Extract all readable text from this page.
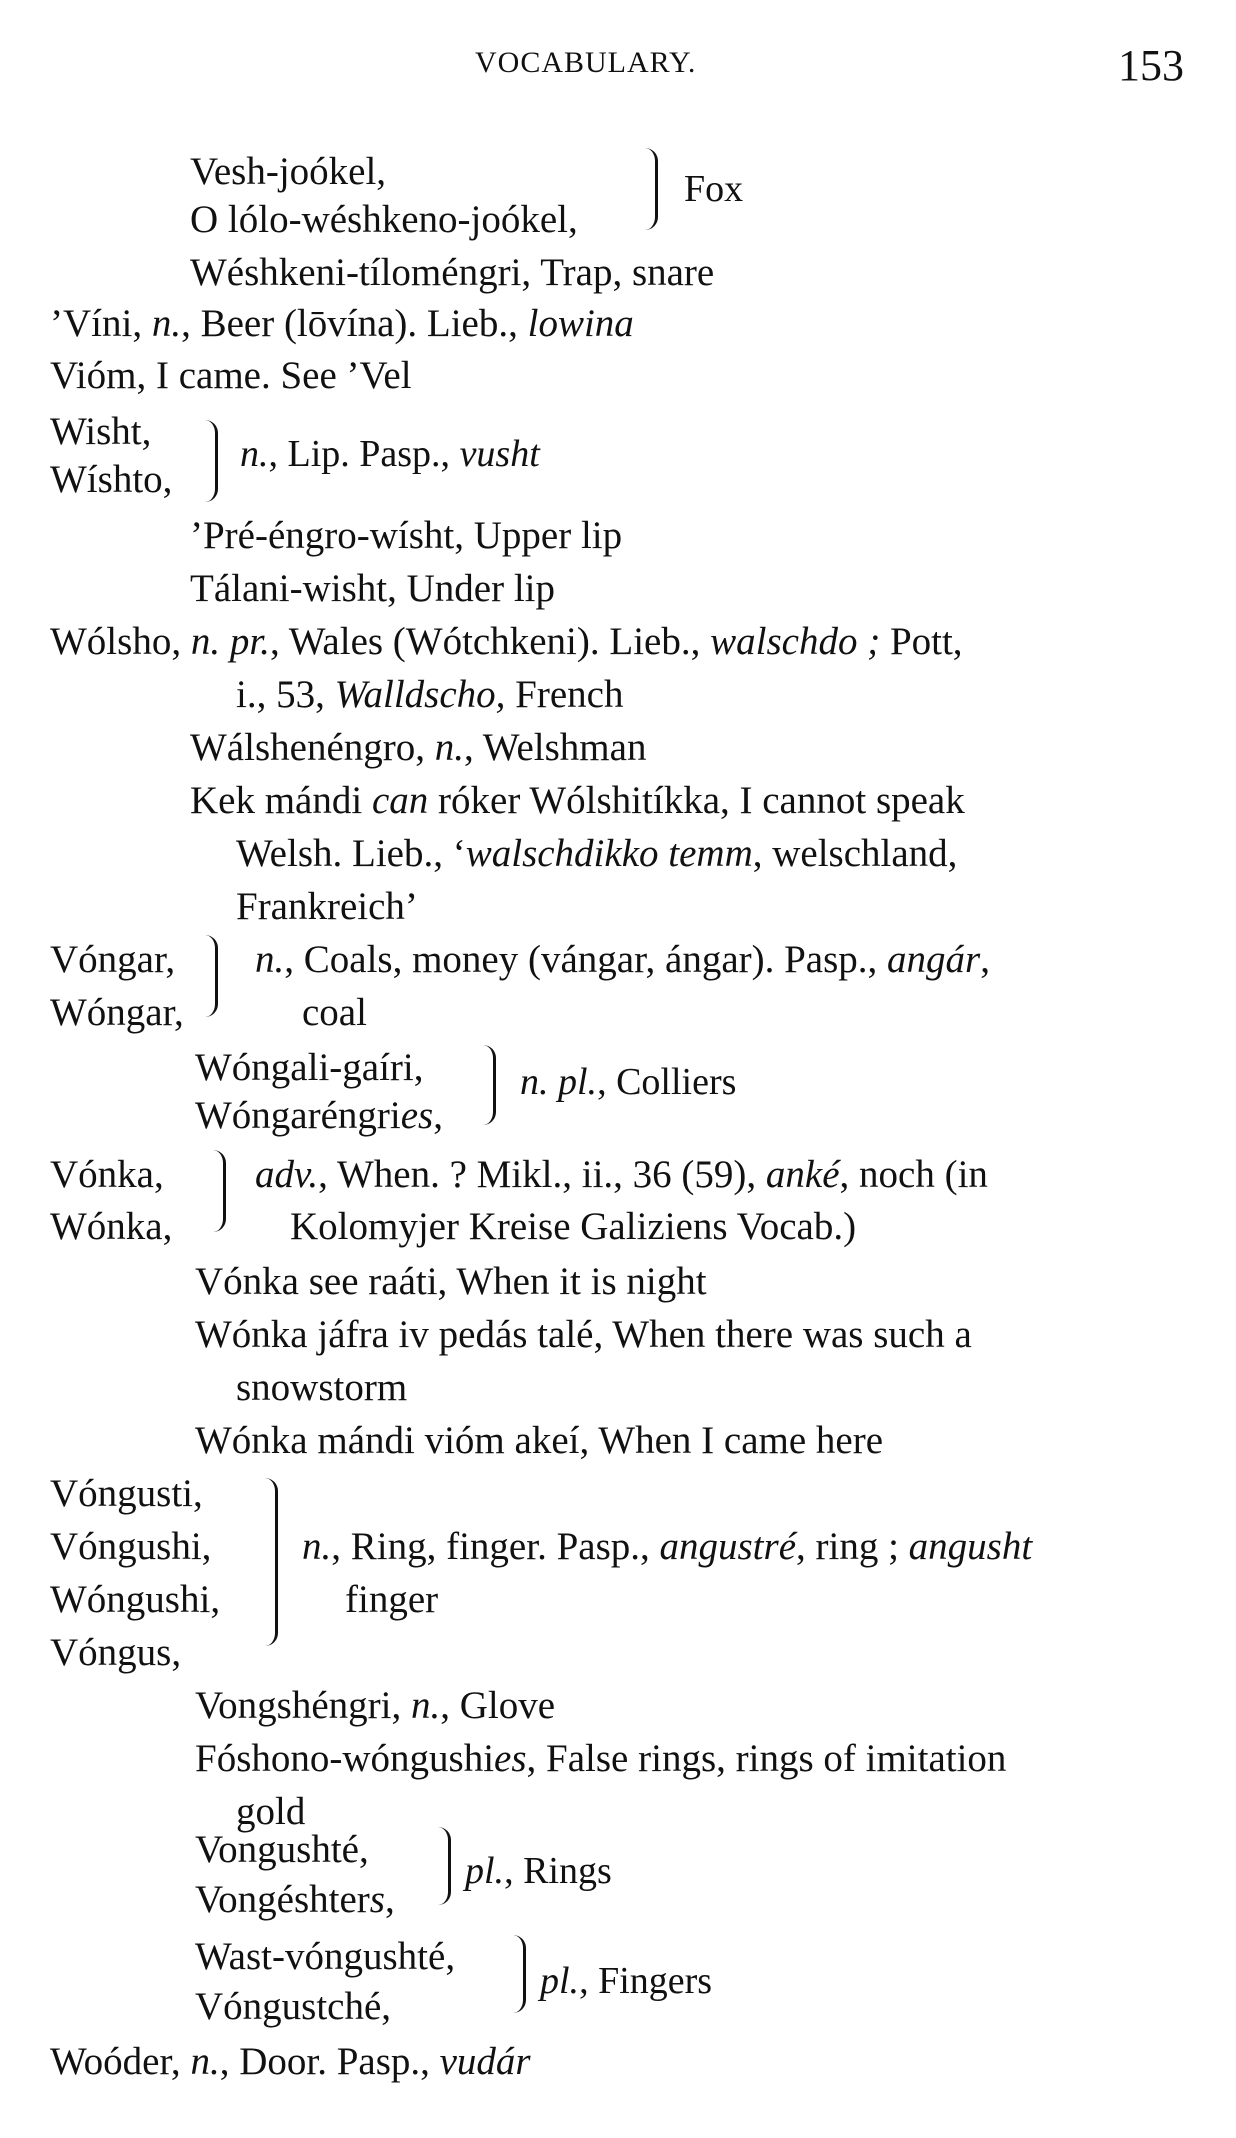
VOCABULARY.	153
Vesh-joókel,
O lólo-wéshkeno-joókel,
Fox
Wéshkeni-tíloméngri, Trap, snare
’Víni, n., Beer (lōvína). Lieb., lowina
Vióm, I came. See ’Vel
Wisht,
Wíshto,
n., Lip. Pasp., vusht
’Pré-éngro-wísht, Upper lip
Tálani-wisht, Under lip
Wólsho, n. pr., Wales (Wótchkeni). Lieb., walschdo ; Pott,
i., 53, Walldscho, French
Wálshenéngro, n., Welshman
Kek mándi can róker Wólshitíkka, I cannot speak
Welsh. Lieb., ‘walschdikko temm, welschland,
Frankreich’
Vóngar, n., Coals, money (vángar, ángar). Pasp., angár,
Wóngar,	coal
Wóngali-gaíri,
Wóngaréngries,
n. pl., Colliers
Vónka, adv., When. ? Mikl., ii., 36 (59), anké, noch (in
Wónka,	Kolomyjer Kreise Galiziens Vocab.)
Vónka see raáti, When it is night
Wónka jáfra iv pedás talé, When there was such a
snowstorm
Wónka mándi vióm akeí, When I came here
Vóngusti,
Vóngushi, n., Ring, finger. Pasp., angustré, ring ; angusht
Wóngushi,	finger
Vóngus,
Vongshéngri, n., Glove
Fóshono-wóngushies, False rings, rings of imitation
gold
Vongushté,
Vongéshters,
pl., Rings
Wast-vóngushté,
Vóngustché,
pl., Fingers
Woóder, n., Door. Pasp., vudár
